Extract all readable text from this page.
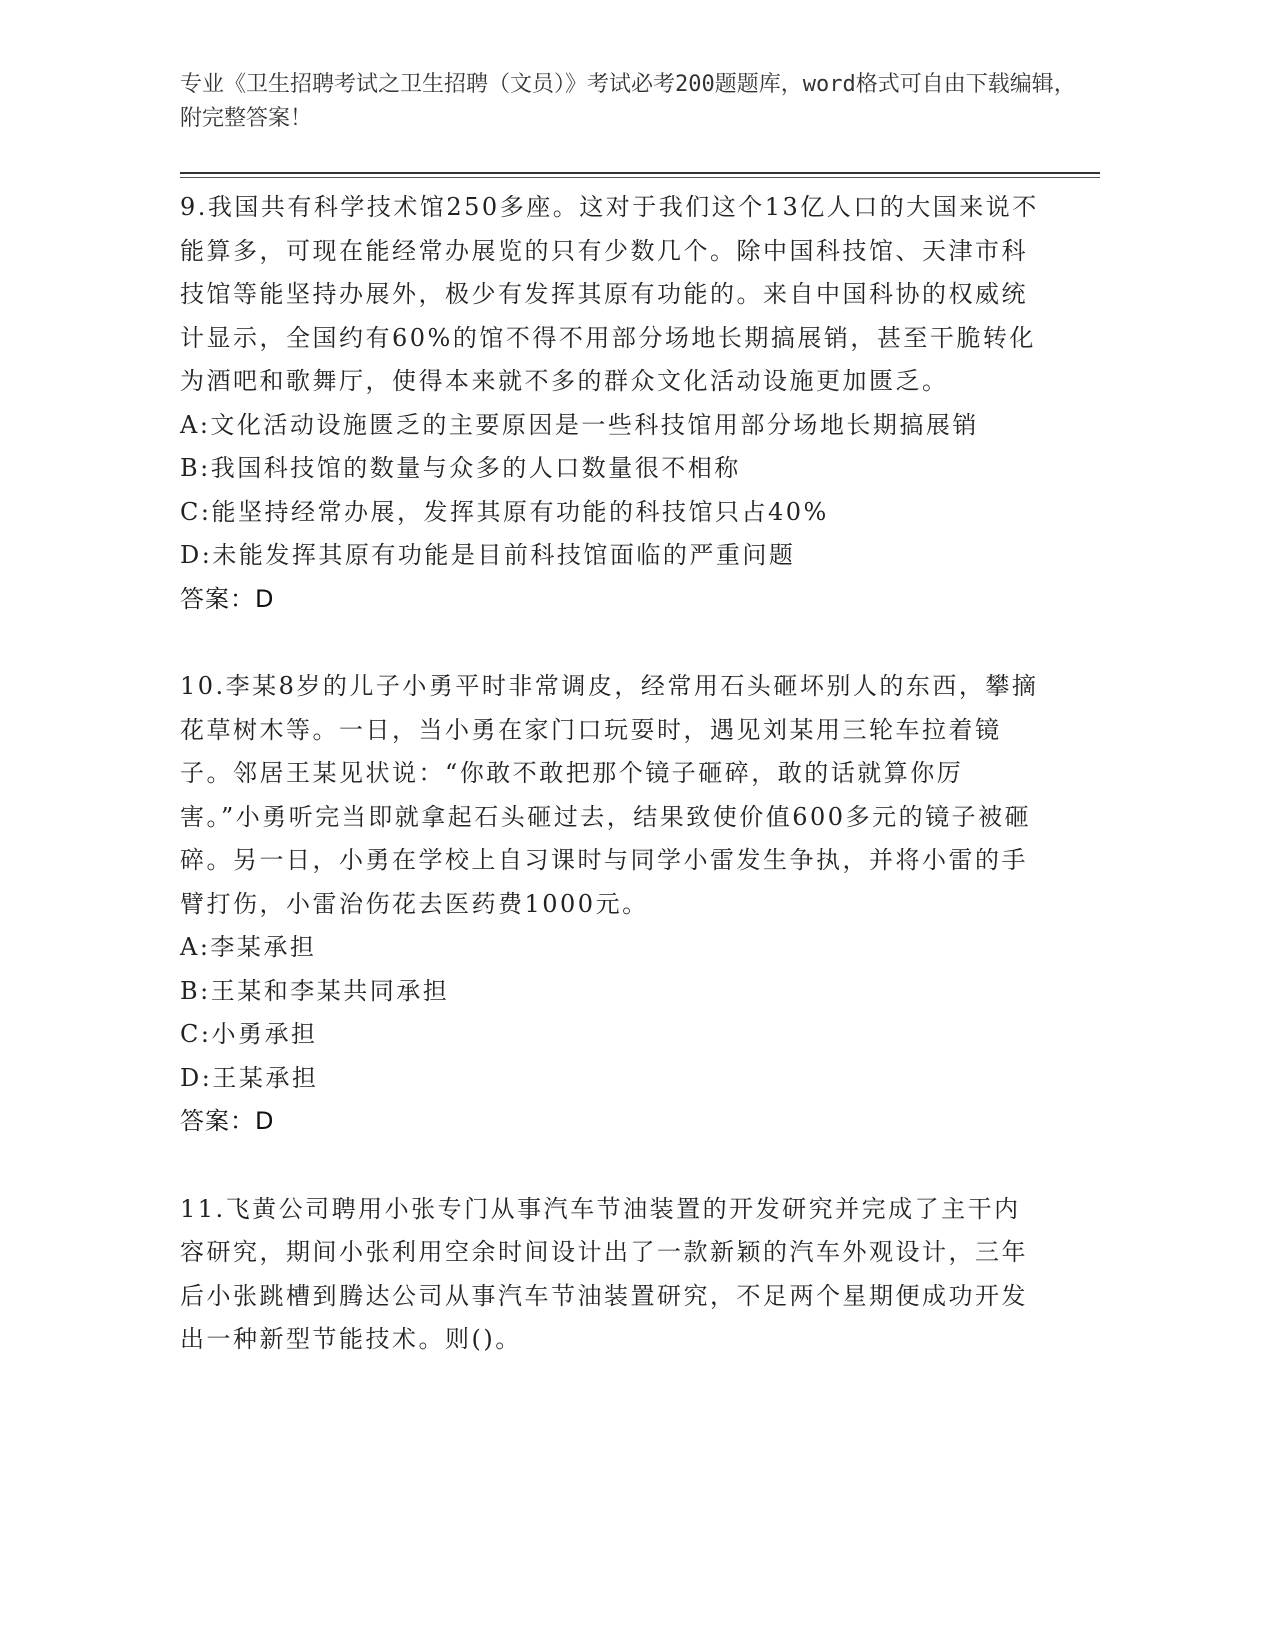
专业《卫生招聘考试之卫生招聘（文员）》考试必考200题题库，word格式可自由下载编辑，附完整答案！

9.我国共有科学技术馆250多座。这对于我们这个13亿人口的大国来说不能算多，可现在能经常办展览的只有少数几个。除中国科技馆、天津市科技馆等能坚持办展外，极少有发挥其原有功能的。来自中国科协的权威统计显示，全国约有60%的馆不得不用部分场地长期搞展销，甚至干脆转化为酒吧和歌舞厅，使得本来就不多的群众文化活动设施更加匮乏。

A:文化活动设施匮乏的主要原因是一些科技馆用部分场地长期搞展销

B:我国科技馆的数量与众多的人口数量很不相称

C:能坚持经常办展，发挥其原有功能的科技馆只占40%

D:未能发挥其原有功能是目前科技馆面临的严重问题

答案：D

10.李某8岁的儿子小勇平时非常调皮，经常用石头砸坏别人的东西，攀摘花草树木等。一日，当小勇在家门口玩耍时，遇见刘某用三轮车拉着镜子。邻居王某见状说：“你敢不敢把那个镜子砸碎，敢的话就算你厉害。”小勇听完当即就拿起石头砸过去，结果致使价值600多元的镜子被砸碎。另一日，小勇在学校上自习课时与同学小雷发生争执，并将小雷的手臂打伤，小雷治伤花去医药费1000元。

A:李某承担

B:王某和李某共同承担

C:小勇承担

D:王某承担

答案：D

11.飞黄公司聘用小张专门从事汽车节油装置的开发研究并完成了主干内容研究，期间小张利用空余时间设计出了一款新颖的汽车外观设计，三年后小张跳槽到腾达公司从事汽车节油装置研究，不足两个星期便成功开发出一种新型节能技术。则()。
